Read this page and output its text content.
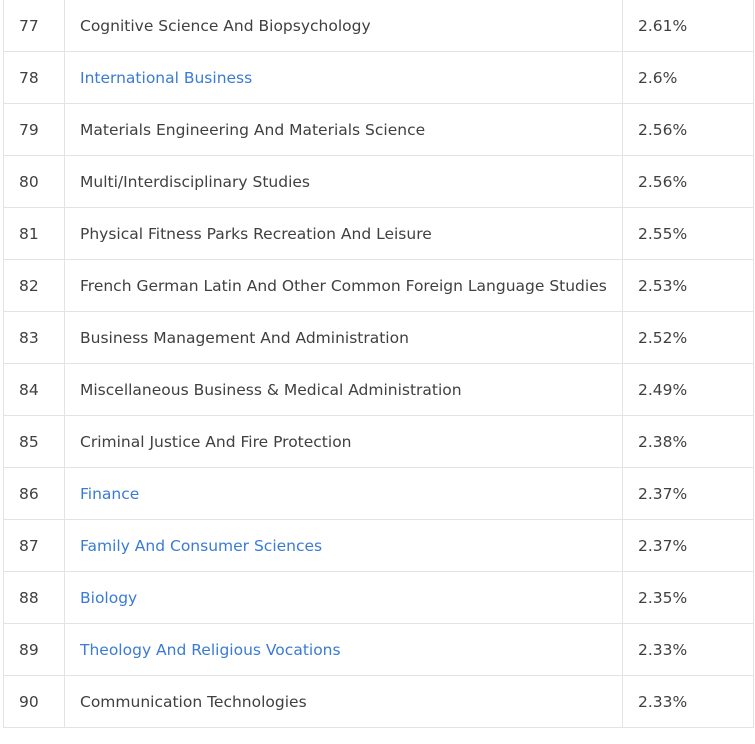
77	Cognitive Science And Biopsychology	2.61%
78	International Business	2.6%
79	Materials Engineering And Materials Science	2.56%
80	Multi/Interdisciplinary Studies	2.56%
81	Physical Fitness Parks Recreation And Leisure	2.55%
82	French German Latin And Other Common Foreign Language Studies	2.53%
83	Business Management And Administration	2.52%
84	Miscellaneous Business & Medical Administration	2.49%
85	Criminal Justice And Fire Protection	2.38%
86	Finance	2.37%
87	Family And Consumer Sciences	2.37%
88	Biology	2.35%
89	Theology And Religious Vocations	2.33%
90	Communication Technologies	2.33%
